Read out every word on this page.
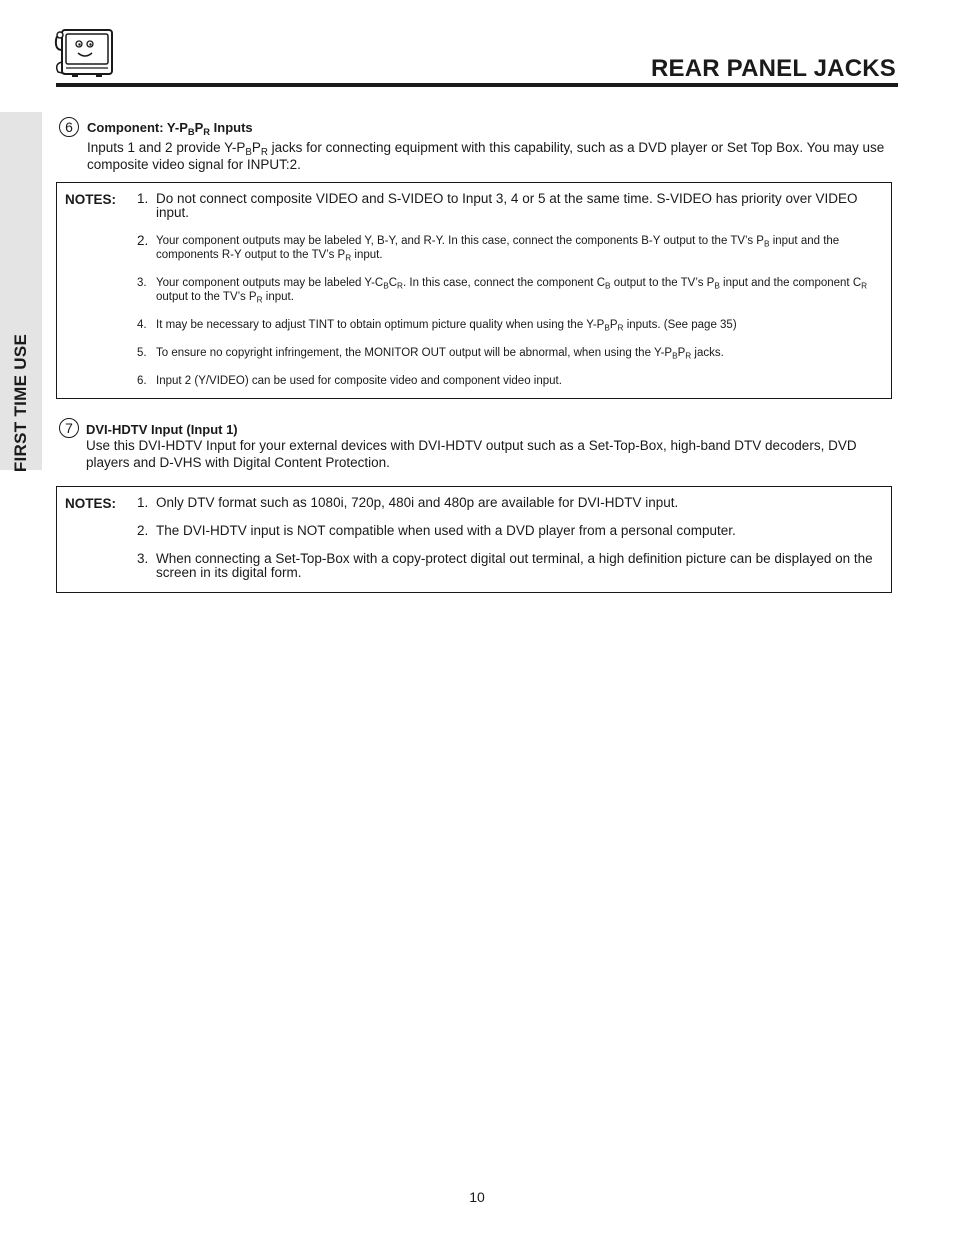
REAR PANEL JACKS
FIRST TIME USE
6	Component: $Y-P_BP_R$ Inputs
Inputs 1 and 2 provide $Y-P_BP_R$ jacks for connecting equipment with this capability, such as a DVD player or Set Top Box. You may use composite video signal for INPUT:2.
NOTES: 1. Do not connect composite VIDEO and S-VIDEO to Input 3, 4 or 5 at the same time. S-VIDEO has priority over VIDEO input.
2. Your component outputs may be labeled Y, B-Y, and R-Y. In this case, connect the components B-Y output to the TV’s $P_B$ input and the components R-Y output to the TV’s $P_R$ input.
3. Your component outputs may be labeled $Y-C_BC_R$. In this case, connect the component $C_B$ output to the TV’s $P_B$ input and the component $C_R$ output to the TV’s $P_R$ input.
4. It may be necessary to adjust TINT to obtain optimum picture quality when using the $Y-P_BP_R$ inputs. (See page 35)
5. To ensure no copyright infringement, the MONITOR OUT output will be abnormal, when using the $Y-P_BP_R$ jacks.
6. Input 2 (Y/VIDEO) can be used for composite video and component video input.
7	DVI-HDTV Input (Input 1)
Use this DVI-HDTV Input for your external devices with DVI-HDTV output such as a Set-Top-Box, high-band DTV decoders, DVD players and D-VHS with Digital Content Protection.
NOTES: 1. Only DTV format such as 1080i, 720p, 480i and 480p are available for DVI-HDTV input.
2. The DVI-HDTV input is NOT compatible when used with a DVD player from a personal computer.
3. When connecting a Set-Top-Box with a copy-protect digital out terminal, a high definition picture can be displayed on the screen in its digital form.
10
